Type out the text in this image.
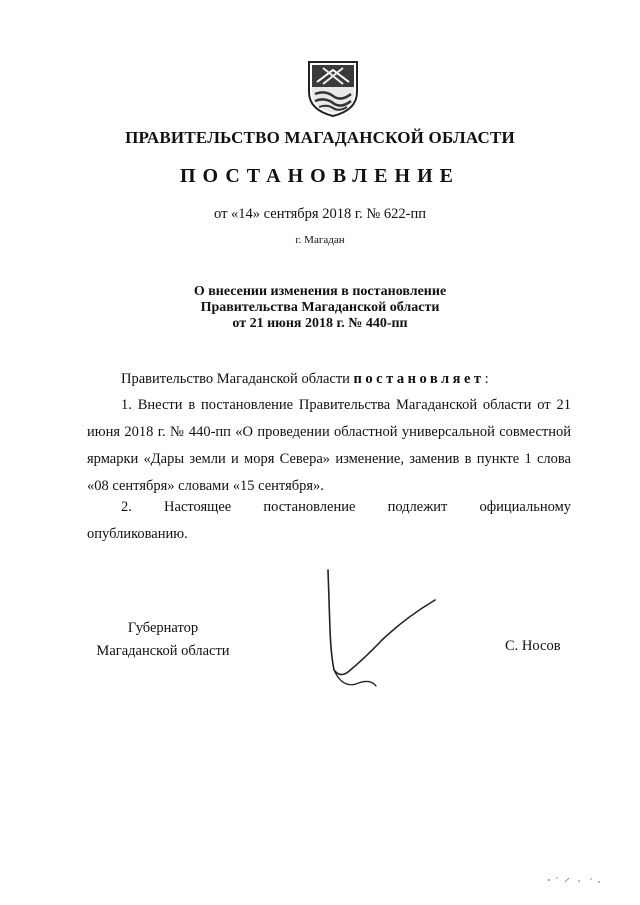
ПРАВИТЕЛЬСТВО МАГАДАНСКОЙ ОБЛАСТИ
ПОСТАНОВЛЕНИЕ
от «14» сентября 2018 г. № 622-пп
г. Магадан
О внесении изменения в постановление
Правительства Магаданской области
от 21 июня 2018 г. № 440-пп
Правительство Магаданской области постановляет:
1. Внести в постановление Правительства Магаданской области от 21 июня 2018 г. № 440-пп «О проведении областной универсальной совместной ярмарки «Дары земли и моря Севера» изменение, заменив в пункте 1 слова «08 сентября» словами «15 сентября».
2. Настоящее постановление подлежит официальному
опубликованию.
Губернатор
Магаданской области	С. Носов
